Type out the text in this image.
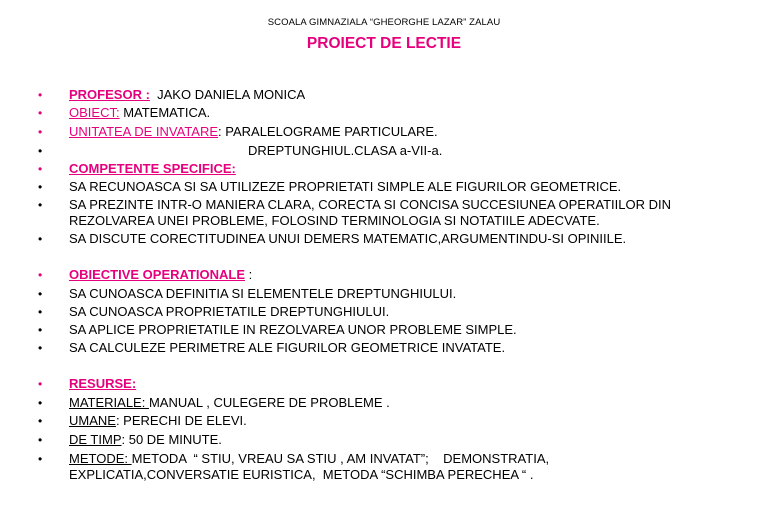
SCOALA GIMNAZIALA “GHEORGHE LAZAR” ZALAU
PROIECT DE LECTIE
•	PROFESOR : JAKO DANIELA MONICA
•	OBIECT: MATEMATICA.
•	UNITATEA DE INVATARE: PARALELOGRAME PARTICULARE.
•	DREPTUNGHIUL.CLASA a-VII-a.
•	COMPETENTE SPECIFICE:
•	SA RECUNOASCA SI SA UTILIZEZE PROPRIETATI SIMPLE ALE FIGURILOR GEOMETRICE.
•	SA PREZINTE INTR-O MANIERA CLARA, CORECTA SI CONCISA SUCCESIUNEA OPERATIILOR DIN
REZOLVAREA UNEI PROBLEME, FOLOSIND TERMINOLOGIA SI NOTATIILE ADECVATE.
•	SA DISCUTE CORECTITUDINEA UNUI DEMERS MATEMATIC,ARGUMENTINDU-SI OPINIILE.
•	OBIECTIVE OPERATIONALE :
•	SA CUNOASCA DEFINITIA SI ELEMENTELE DREPTUNGHIULUI.
•	SA CUNOASCA PROPRIETATILE DREPTUNGHIULUI.
•	SA APLICE PROPRIETATILE IN REZOLVAREA UNOR PROBLEME SIMPLE.
•	SA CALCULEZE PERIMETRE ALE FIGURILOR GEOMETRICE INVATATE.
•	RESURSE:
•	MATERIALE: MANUAL , CULEGERE DE PROBLEME .
•	UMANE: PERECHI DE ELEVI.
•	DE TIMP: 50 DE MINUTE.
•	METODE: METODA  “ STIU, VREAU SA STIU , AM INVATAT”;    DEMONSTRATIA,
EXPLICATIA,CONVERSATIE EURISTICA,  METODA “SCHIMBA PERECHEA “ .
